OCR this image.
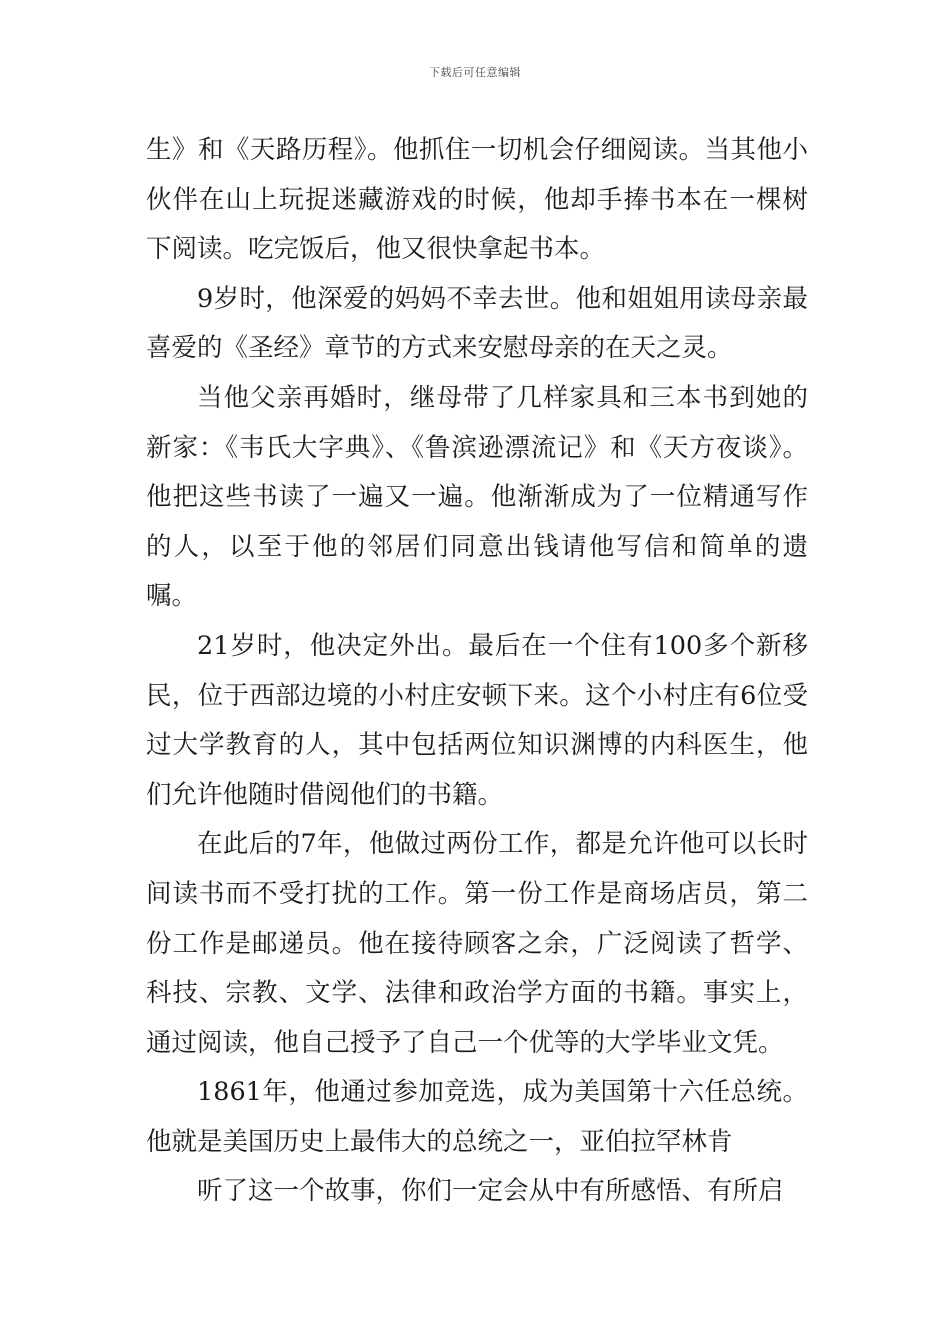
下载后可任意编辑

生》和《天路历程》。他抓住一切机会仔细阅读。当其他小伙伴在山上玩捉迷藏游戏的时候，他却手捧书本在一棵树下阅读。吃完饭后，他又很快拿起书本。

9岁时，他深爱的妈妈不幸去世。他和姐姐用读母亲最喜爱的《圣经》章节的方式来安慰母亲的在天之灵。

当他父亲再婚时，继母带了几样家具和三本书到她的新家：《韦氏大字典》、《鲁滨逊漂流记》和《天方夜谈》。他把这些书读了一遍又一遍。他渐渐成为了一位精通写作的人，以至于他的邻居们同意出钱请他写信和简单的遗嘱。

21岁时，他决定外出。最后在一个住有100多个新移民，位于西部边境的小村庄安顿下来。这个小村庄有6位受过大学教育的人，其中包括两位知识渊博的内科医生，他们允许他随时借阅他们的书籍。

在此后的7年，他做过两份工作，都是允许他可以长时间读书而不受打扰的工作。第一份工作是商场店员，第二份工作是邮递员。他在接待顾客之余，广泛阅读了哲学、科技、宗教、文学、法律和政治学方面的书籍。事实上，通过阅读，他自己授予了自己一个优等的大学毕业文凭。

1861年，他通过参加竞选，成为美国第十六任总统。他就是美国历史上最伟大的总统之一，亚伯拉罕林肯

听了这一个故事，你们一定会从中有所感悟、有所启
